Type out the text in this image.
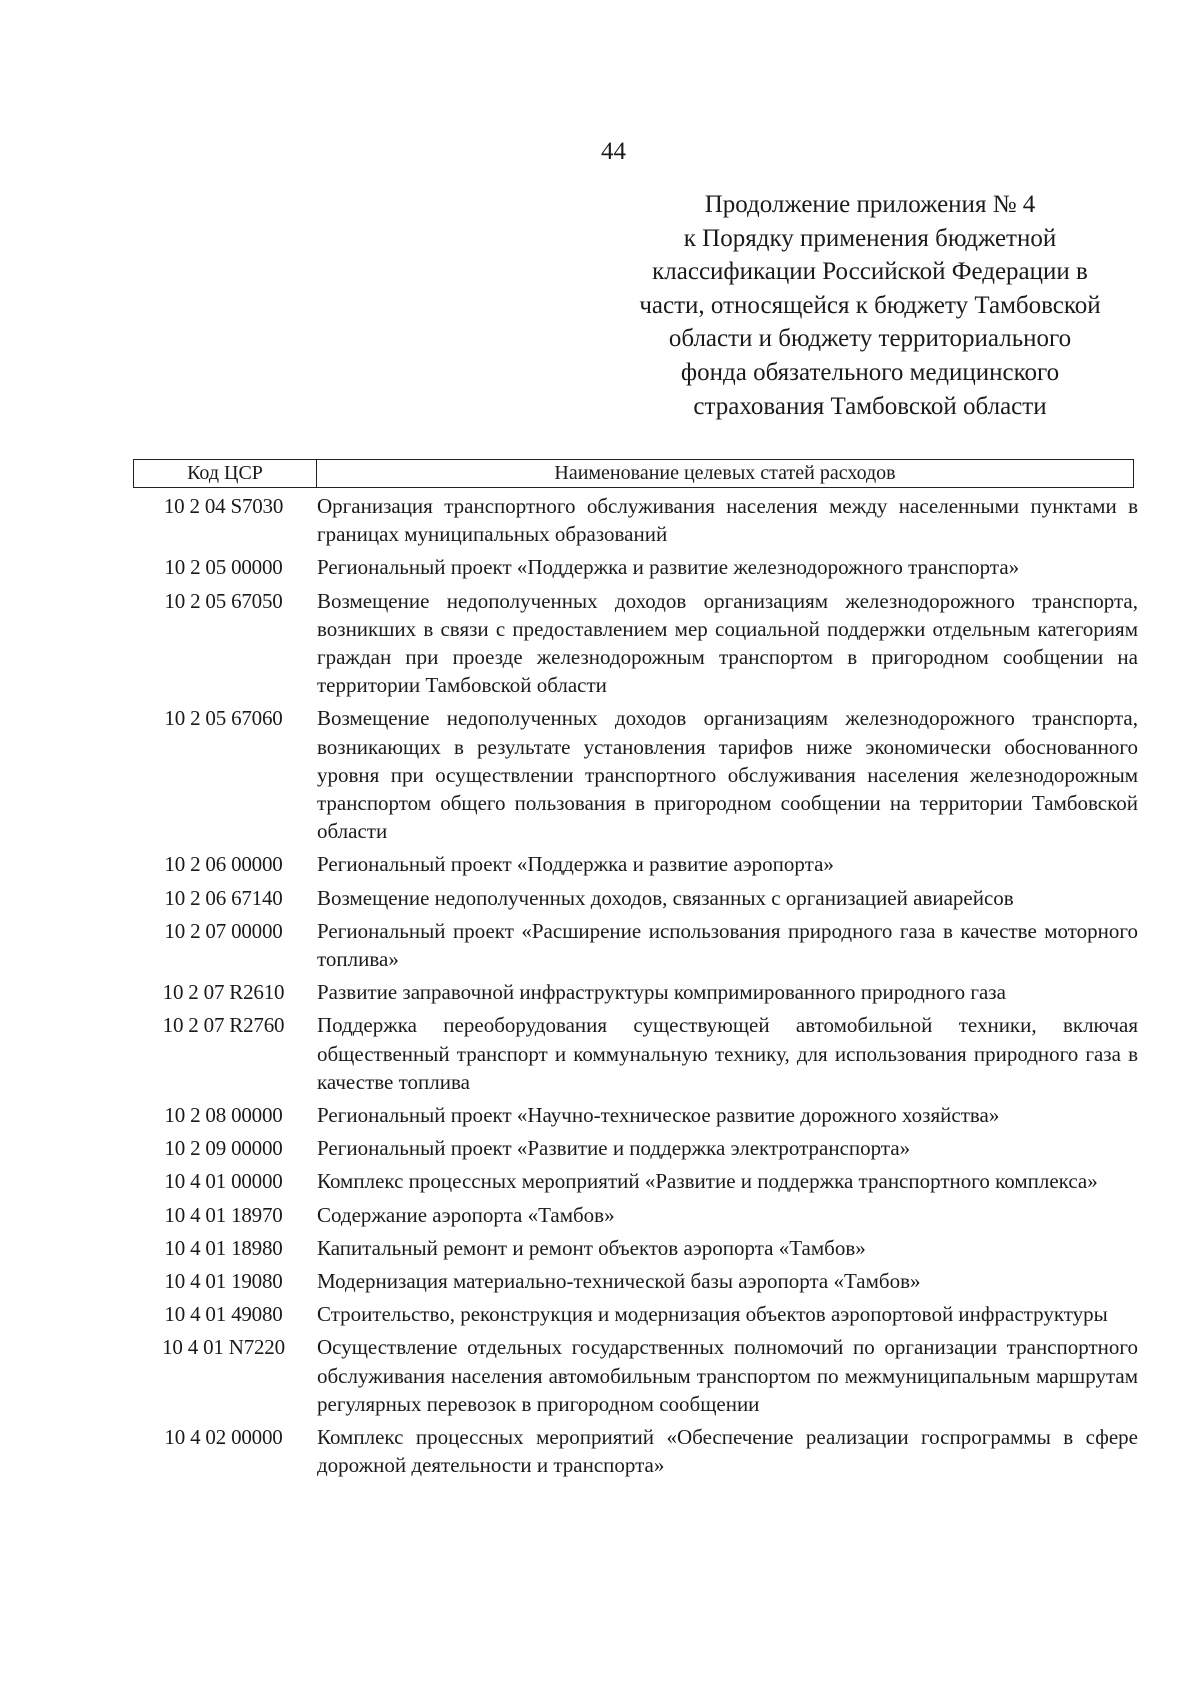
44
Продолжение приложения № 4
к Порядку применения бюджетной
классификации Российской Федерации в
части, относящейся к бюджету Тамбовской
области и бюджету территориального
фонда обязательного медицинского
страхования Тамбовской области
Код ЦСР	Наименование целевых статей расходов
10 2 04 S7030	Организация транспортного обслуживания населения между населенными пунктами в границах муниципальных образований
10 2 05 00000	Региональный проект «Поддержка и развитие железнодорожного транспорта»
10 2 05 67050	Возмещение недополученных доходов организациям железнодорожного транспорта, возникших в связи с предоставлением мер социальной поддержки отдельным категориям граждан при проезде железнодорожным транспортом в пригородном сообщении на территории Тамбовской области
10 2 05 67060	Возмещение недополученных доходов организациям железнодорожного транспорта, возникающих в результате установления тарифов ниже экономически обоснованного уровня при осуществлении транспортного обслуживания населения железнодорожным транспортом общего пользования в пригородном сообщении на территории Тамбовской области
10 2 06 00000	Региональный проект «Поддержка и развитие аэропорта»
10 2 06 67140	Возмещение недополученных доходов, связанных с организацией авиарейсов
10 2 07 00000	Региональный проект «Расширение использования природного газа в качестве моторного топлива»
10 2 07 R2610	Развитие заправочной инфраструктуры компримированного природного газа
10 2 07 R2760	Поддержка переоборудования существующей автомобильной техники, включая общественный транспорт и коммунальную технику, для использования природного газа в качестве топлива
10 2 08 00000	Региональный проект «Научно-техническое развитие дорожного хозяйства»
10 2 09 00000	Региональный проект «Развитие и поддержка электротранспорта»
10 4 01 00000	Комплекс процессных мероприятий «Развитие и поддержка транспортного комплекса»
10 4 01 18970	Содержание аэропорта «Тамбов»
10 4 01 18980	Капитальный ремонт и ремонт объектов аэропорта «Тамбов»
10 4 01 19080	Модернизация материально-технической базы аэропорта «Тамбов»
10 4 01 49080	Строительство, реконструкция и модернизация объектов аэропортовой инфраструктуры
10 4 01 N7220	Осуществление отдельных государственных полномочий по организации транспортного обслуживания населения автомобильным транспортом по межмуниципальным маршрутам регулярных перевозок в пригородном сообщении
10 4 02 00000	Комплекс процессных мероприятий «Обеспечение реализации госпрограммы в сфере дорожной деятельности и транспорта»
